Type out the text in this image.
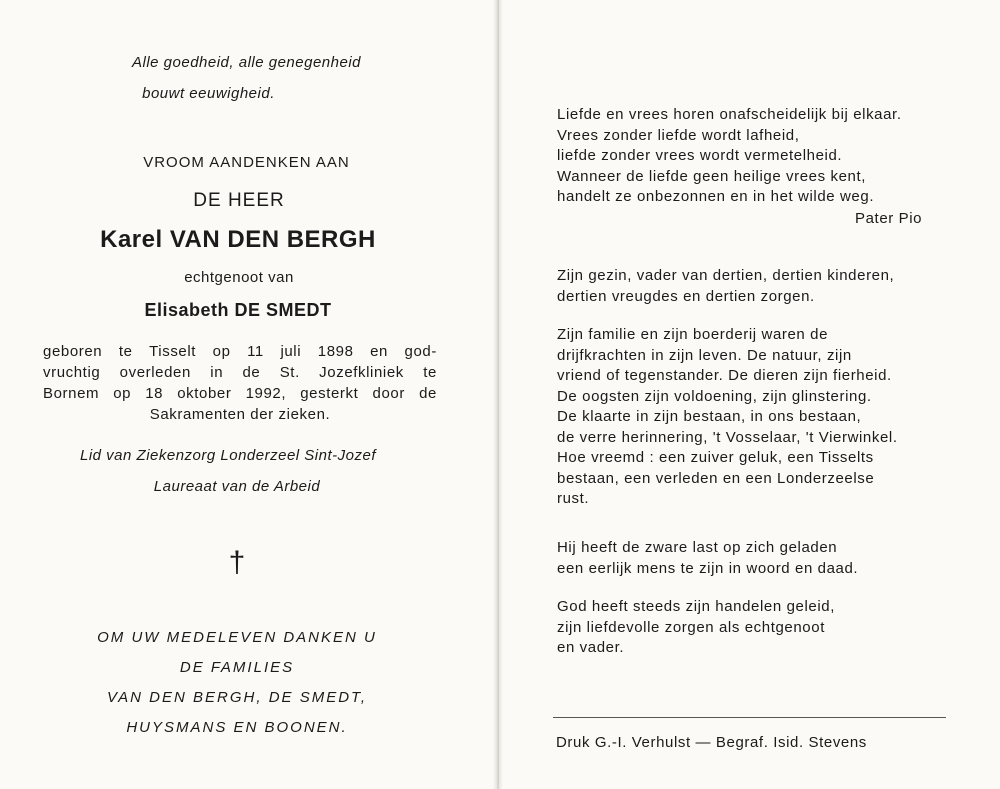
Alle goedheid, alle genegenheid
bouwt eeuwigheid.
VROOM AANDENKEN AAN
DE HEER
Karel VAN DEN BERGH
echtgenoot van
Elisabeth DE SMEDT
geboren te Tisselt op 11 juli 1898 en god-
vruchtig overleden in de St. Jozefkliniek te
Bornem op 18 oktober 1992, gesterkt door de
Sakramenten der zieken.
Lid van Ziekenzorg Londerzeel Sint-Jozef
Laureaat van de Arbeid
†
OM UW MEDELEVEN DANKEN U
DE FAMILIES
VAN DEN BERGH, DE SMEDT,
HUYSMANS EN BOONEN.
Liefde en vrees horen onafscheidelijk bij elkaar.
Vrees zonder liefde wordt lafheid,
liefde zonder vrees wordt vermetelheid.
Wanneer de liefde geen heilige vrees kent,
handelt ze onbezonnen en in het wilde weg.
Pater Pio
Zijn gezin, vader van dertien, dertien kinderen,
dertien vreugdes en dertien zorgen.
Zijn familie en zijn boerderij waren de
drijfkrachten in zijn leven. De natuur, zijn
vriend of tegenstander. De dieren zijn fierheid.
De oogsten zijn voldoening, zijn glinstering.
De klaarte in zijn bestaan, in ons bestaan,
de verre herinnering, 't Vosselaar, 't Vierwinkel.
Hoe vreemd : een zuiver geluk, een Tisselts
bestaan, een verleden en een Londerzeelse
rust.
Hij heeft de zware last op zich geladen
een eerlijk mens te zijn in woord en daad.
God heeft steeds zijn handelen geleid,
zijn liefdevolle zorgen als echtgenoot
en vader.
Druk G.-I. Verhulst — Begraf. Isid. Stevens
